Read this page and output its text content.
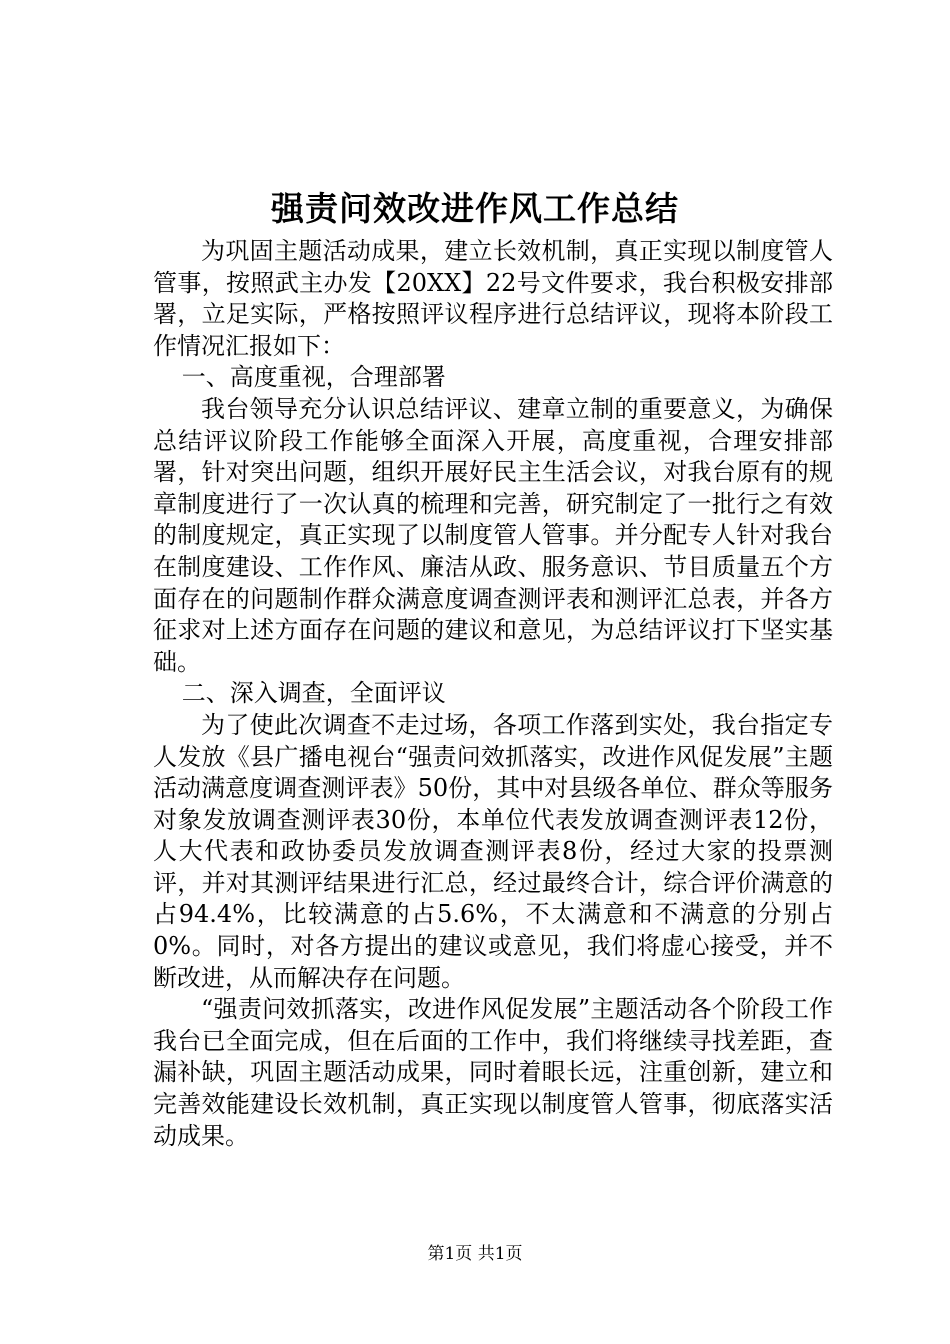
强责问效改进作风工作总结

为巩固主题活动成果，建立长效机制，真正实现以制度管人管事，按照武主办发【20XX】22号文件要求，我台积极安排部署，立足实际，严格按照评议程序进行总结评议，现将本阶段工作情况汇报如下：

一、高度重视，合理部署

我台领导充分认识总结评议、建章立制的重要意义，为确保总结评议阶段工作能够全面深入开展，高度重视，合理安排部署，针对突出问题，组织开展好民主生活会议，对我台原有的规章制度进行了一次认真的梳理和完善，研究制定了一批行之有效的制度规定，真正实现了以制度管人管事。并分配专人针对我台在制度建设、工作作风、廉洁从政、服务意识、节目质量五个方面存在的问题制作群众满意度调查测评表和测评汇总表，并各方征求对上述方面存在问题的建议和意见，为总结评议打下坚实基础。

二、深入调查，全面评议

为了使此次调查不走过场，各项工作落到实处，我台指定专人发放《县广播电视台“强责问效抓落实，改进作风促发展”主题活动满意度调查测评表》50份，其中对县级各单位、群众等服务对象发放调查测评表30份，本单位代表发放调查测评表12份，人大代表和政协委员发放调查测评表8份，经过大家的投票测评，并对其测评结果进行汇总，经过最终合计，综合评价满意的占94.4%，比较满意的占5.6%，不太满意和不满意的分别占0%。同时，对各方提出的建议或意见，我们将虚心接受，并不断改进，从而解决存在问题。

“强责问效抓落实，改进作风促发展”主题活动各个阶段工作我台已全面完成，但在后面的工作中，我们将继续寻找差距，查漏补缺，巩固主题活动成果，同时着眼长远，注重创新，建立和完善效能建设长效机制，真正实现以制度管人管事，彻底落实活动成果。

第1页 共1页
